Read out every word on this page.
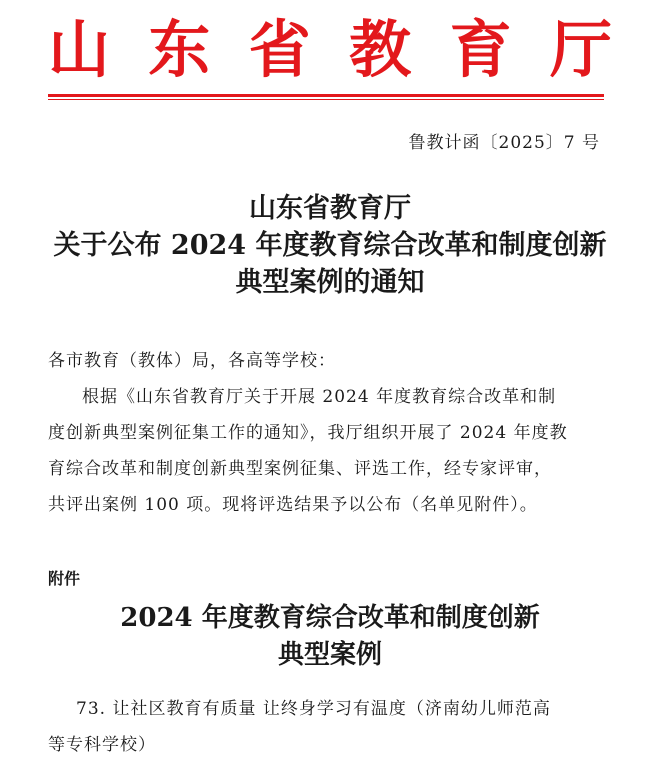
山 东 省 教 育 厅
鲁教计函〔2025〕7 号
山东省教育厅
关于公布 2024 年度教育综合改革和制度创新
典型案例的通知
各市教育（教体）局，各高等学校：
根据《山东省教育厅关于开展 2024 年度教育综合改革和制
度创新典型案例征集工作的通知》，我厅组织开展了 2024 年度教
育综合改革和制度创新典型案例征集、评选工作，经专家评审，
共评出案例 100 项。现将评选结果予以公布（名单见附件）。
附件
2024 年度教育综合改革和制度创新
典型案例
73. 让社区教育有质量 让终身学习有温度（济南幼儿师范高
等专科学校）
